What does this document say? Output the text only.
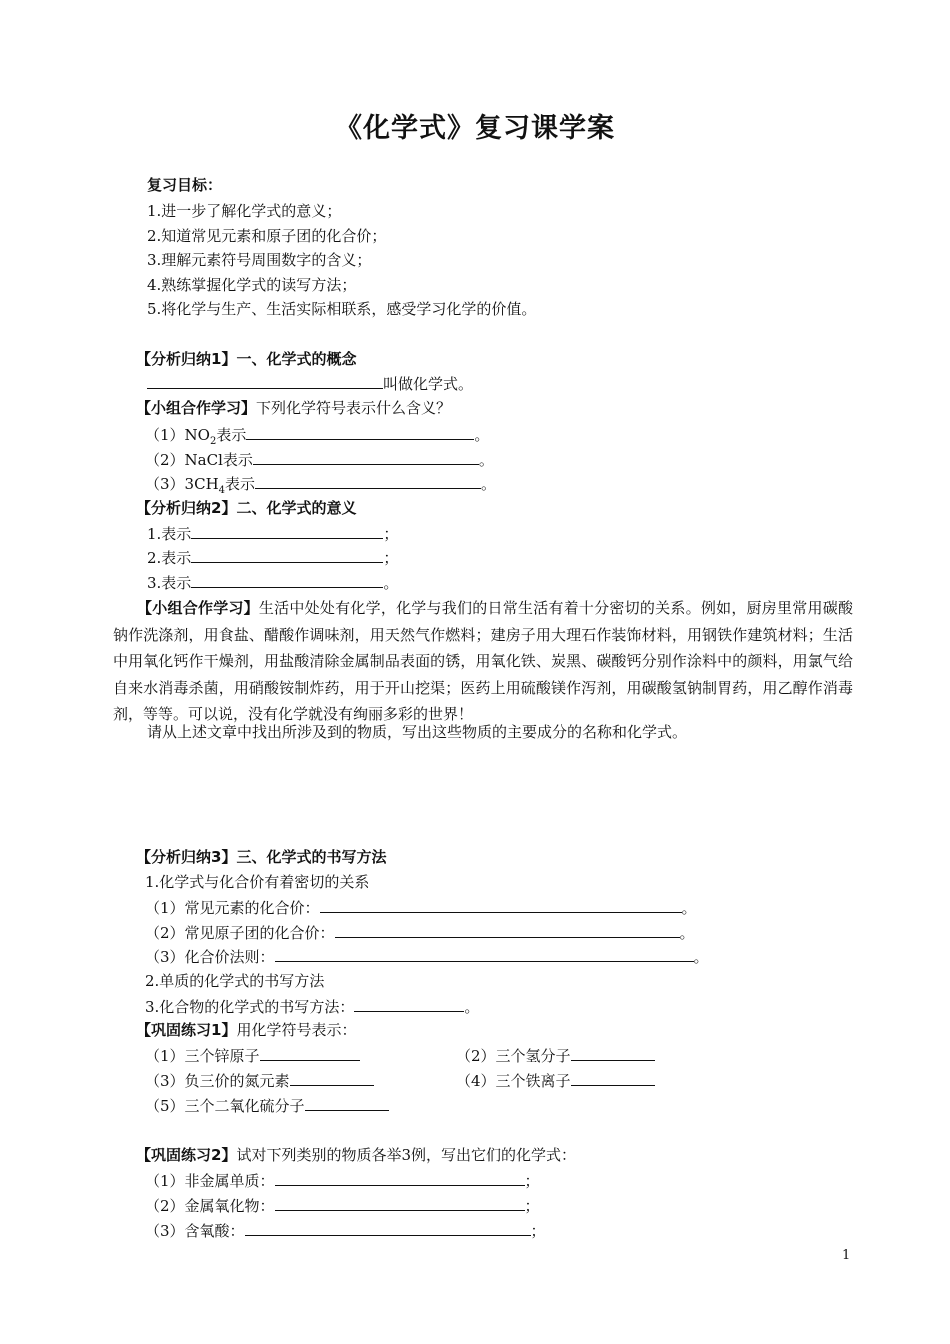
《化学式》复习课学案
复习目标：
1.进一步了解化学式的意义；
2.知道常见元素和原子团的化合价；
3.理解元素符号周围数字的含义；
4.熟练掌握化学式的读写方法；
5.将化学与生产、生活实际相联系，感受学习化学的价值。
【分析归纳1】一、化学式的概念
叫做化学式。
【小组合作学习】下列化学符号表示什么含义？
$(1)NO_2$表示	。
（2）NaCl表示	。
$(3)3CH_4$表示	。
【分析归纳2】二、化学式的意义
1.表示	；
2.表示	；
3.表示	。
【小组合作学习】生活中处处有化学，化学与我们的日常生活有着十分密切的关系。例如，厨房里常用碳酸钠作洗涤剂，用食盐、醋酸作调味剂，用天然气作燃料；建房子用大理石作装饰材料，用钢铁作建筑材料；生活中用氧化钙作干燥剂，用盐酸清除金属制品表面的锈，用氧化铁、炭黑、碳酸钙分别作涂料中的颜料，用氯气给自来水消毒杀菌，用硝酸铵制炸药，用于开山挖渠；医药上用硫酸镁作泻剂，用碳酸氢钠制胃药，用乙醇作消毒剂，等等。可以说，没有化学就没有绚丽多彩的世界！
请从上述文章中找出所涉及到的物质，写出这些物质的主要成分的名称和化学式。
【分析归纳3】三、化学式的书写方法
1.化学式与化合价有着密切的关系
（1）常见元素的化合价：	。
（2）常见原子团的化合价：	。
（3）化合价法则：	。
2.单质的化学式的书写方法
3.化合物的化学式的书写方法：	。
【巩固练习1】用化学符号表示：
（1）三个锌原子	（2）三个氢分子
（3）负三价的氮元素	（4）三个铁离子
（5）三个二氧化硫分子
【巩固练习2】试对下列类别的物质各举3例，写出它们的化学式：
（1）非金属单质：	；
（2）金属氧化物：	；
（3）含氧酸：	；
1
